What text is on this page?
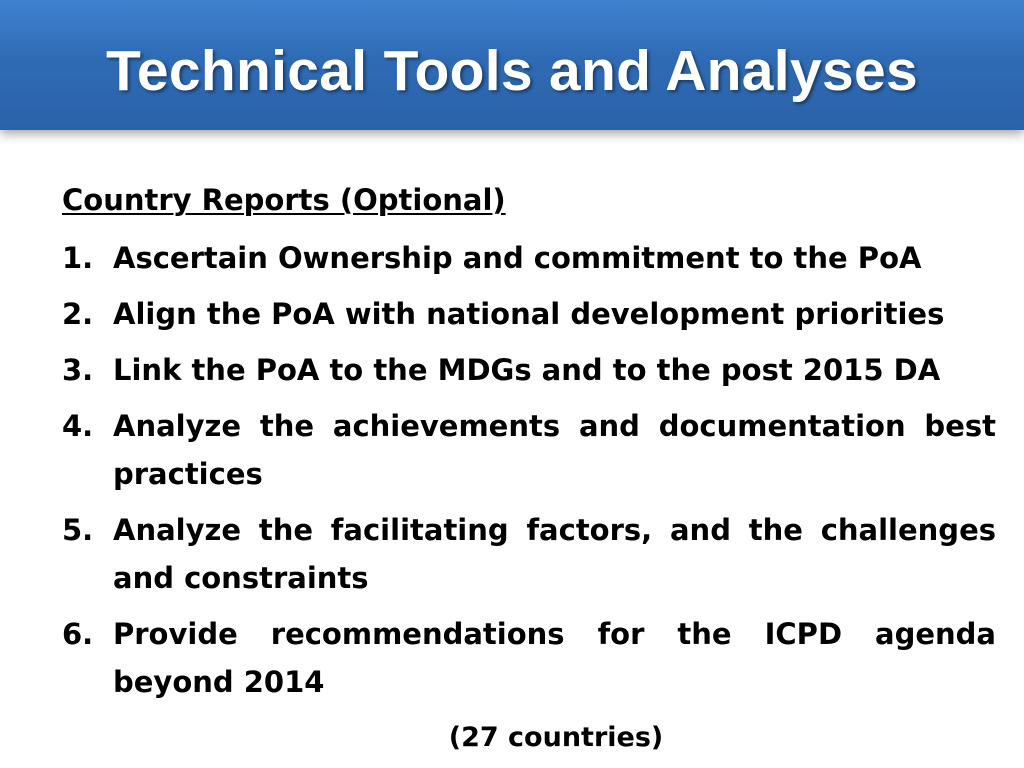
Technical Tools and Analyses

Country Reports (Optional)

1. Ascertain Ownership and commitment to the PoA
2. Align the PoA with national development priorities
3. Link the PoA to the MDGs and to the post 2015 DA
4. Analyze the achievements and documentation best practices
5. Analyze the facilitating factors, and the challenges and constraints
6. Provide recommendations for the ICPD agenda beyond 2014
(27 countries)
